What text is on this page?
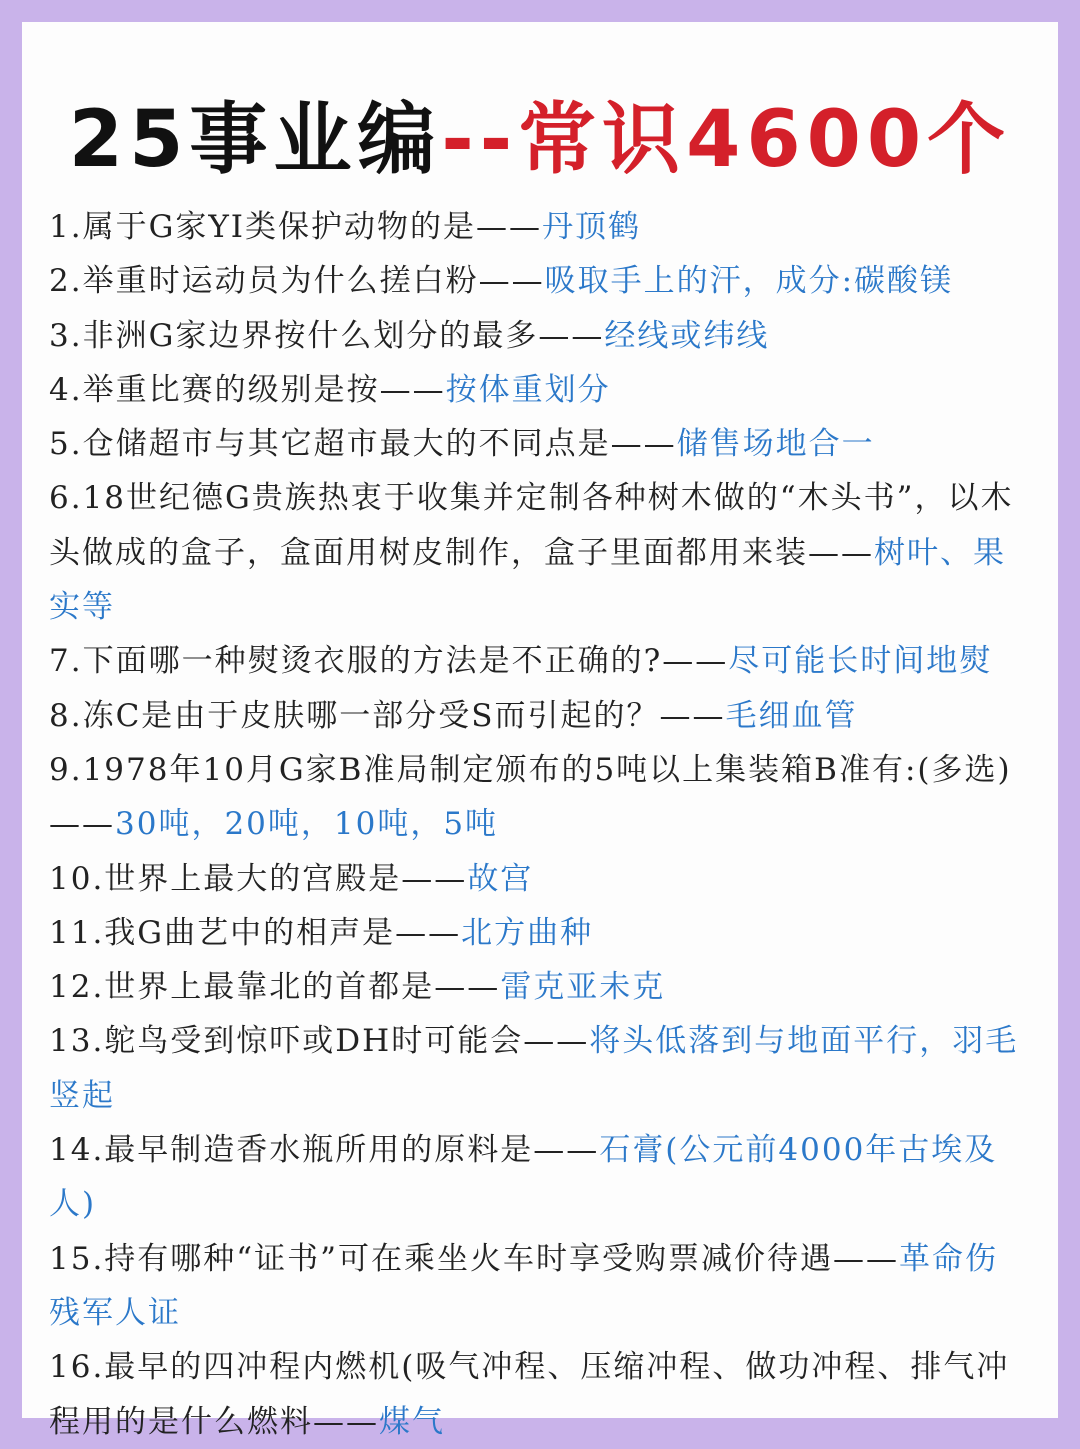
25事业编--常识4600个

1.属于G家YI类保护动物的是——丹顶鹤

2.举重时运动员为什么搓白粉——吸取手上的汗，成分:碳酸镁

3.非洲G家边界按什么划分的最多——经线或纬线

4.举重比赛的级别是按——按体重划分

5.仓储超市与其它超市最大的不同点是——储售场地合一

6.18世纪德G贵族热衷于收集并定制各种树木做的“木头书”，以木头做成的盒子，盒面用树皮制作，盒子里面都用来装——树叶、果实等

7.下面哪一种熨烫衣服的方法是不正确的?——尽可能长时间地熨

8.冻C是由于皮肤哪一部分受S而引起的？——毛细血管

9.1978年10月G家B准局制定颁布的5吨以上集装箱B准有:(多选)——30吨，20吨，10吨，5吨

10.世界上最大的宫殿是——故宫

11.我G曲艺中的相声是——北方曲种

12.世界上最靠北的首都是——雷克亚未克

13.鸵鸟受到惊吓或DH时可能会——将头低落到与地面平行，羽毛竖起

14.最早制造香水瓶所用的原料是——石膏(公元前4000年古埃及人)

15.持有哪种“证书”可在乘坐火车时享受购票减价待遇——革命伤残军人证

16.最早的四冲程内燃机(吸气冲程、压缩冲程、做功冲程、排气冲程用的是什么燃料——煤气
